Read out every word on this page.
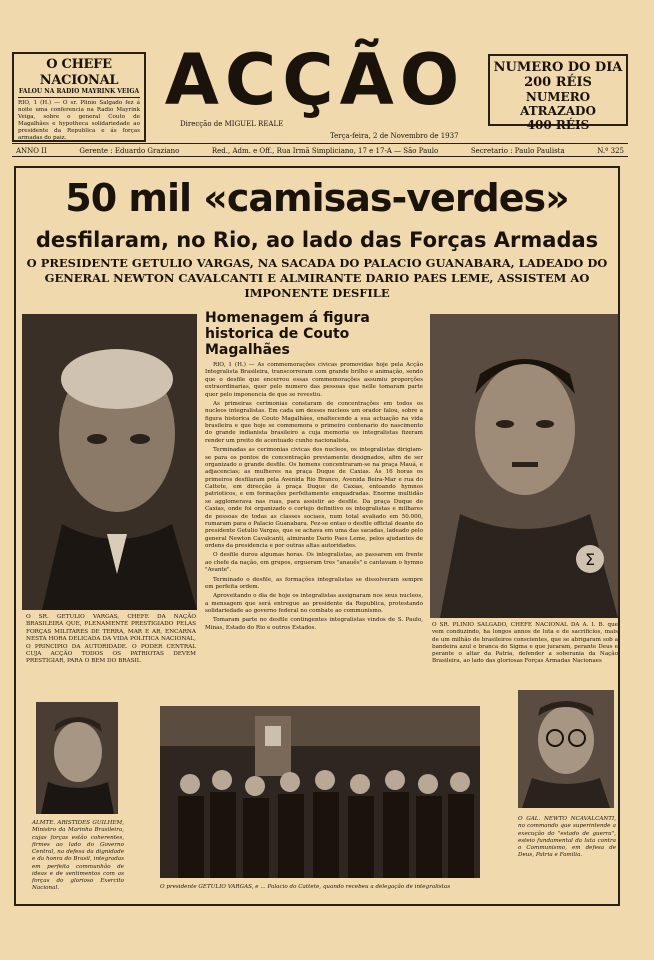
O CHEFE NACIONAL
FALOU NA RADIO MAYRINK VEIGA
RIO, 1 (H.) — O sr. Plinio Salgado fez á noite uma conferencia na Radio Mayrink Veiga, sobre o general Couto de Magalhães e hypotheca solidariedade ao presidente da Republica e ás forças armadas do paiz.
ACÇÃO
Direcção de MIGUEL REALE
Terça-feira, 2 de Novembro de 1937
NUMERO DO DIA
200 RÉIS
NUMERO ATRAZADO
400 RÉIS
ANNO II	Gerente : Eduardo Graziano	Red., Adm. e Off., Rua Irmã Simpliciano, 17 e 17-A — São Paulo	Secretario : Paulo Paulista	N.º 325
50 mil «camisas-verdes»
desfilaram, no Rio, ao lado das Forças Armadas
O PRESIDENTE GETULIO VARGAS, NA SACADA DO PALACIO GUANABARA, LADEADO DO GENERAL NEWTON CAVALCANTI E ALMIRANTE DARIO PAES LEME, ASSISTEM AO IMPONENTE DESFILE
Σ
Homenagem á figura historica de Couto Magalhães

RIO, 1 (H.) — As commemorações civicas promovidas hoje pela Acção Integralista Brasileira, transcorreram com grande brilho e animação, sendo que o desfile que encerrou essas commemorações assumiu proporções extraordinarias, quer pelo numero das pessoas que nelle tomaram parte quer pelo imponencia de que se revestiu.

As primeiras cerimonias constaram de concentrações em todos os nucleos integralistas. Em cada um desses nucleos um orador falou, sobre a figura historica de Couto Magalhães, enaltecendo a sua actuação na vida brasileira e que hoje se commemora o primeiro centenario do nascimento do grande indianista brasileiro a cuja memoria os integralistas fizeram render um preito de acentuado cunho nacionalista.

Terminadas as cerimonias civicas dos nucleos, os integralistas dirigiam-se para os pontos de concentração previamente designados, afim de ser organizado o grande desfile. Os homens concentraram-se na praça Mauá, e adjacencias; as mulheres na praça Duque de Caxias. Ás 16 horas os primeiros desfilaram pela Avenida Rio Branco, Avenida Beira-Mar e rua do Cattete, em direcção á praça Duque de Caxias, entoando hymnos patrioticos, e em formações perfeitamente enquadradas. Enorme multidão se agglomerava nas ruas, para assistir ao desfile. Da praça Duque de Caxias, onde foi organizado o cortejo definitivo os integralistas e milhares de pessoas de todas as classes sociaes, num total avaliado em 50.000, rumaram para o Palacio Guanabara. Fez-se entao o desfile official deante do presidente Getulio Vargas, que se achava em uma das sacadas, ladeado pelo general Newton Cavalcanti, almirante Dario Paes Leme, pelos ajudantes de ordens da presidencia e por outras altas autoridades.

O desfile durou algumas horas. Os integralistas, ao passarem em frente ao chefe da nação, em grupos, ergueram tres "anauês" e cantavam o hymno "Avante".

Terminado o desfile, as formações integralistas se dissolveram sempre em perfeita ordem.

Aproveitando o dia de hoje os integralistas assignaram nos seus nucleos, a mensagem que será entregue ao presidente da Republica, protestando solidariedade ao governo federal no combate ao communismo.

Tomaram parte no desfile contingentes integralistas vindos de S. Paulo, Minas, Estado do Rio e outros Estados.

O SR. GETULIO VARGAS, CHEFE DA NAÇÃO BRASILEIRA QUE, PLENAMENTE PRESTIGIADO PELAS FORÇAS MILITARES DE TERRA, MAR E AR, ENCARNA NESTA HORA DELICADA DA VIDA POLITICA NACIONAL, O PRINCIPIO DA AUTORIDADE. O PODER CENTRAL CUJA ACÇÃO TODOS OS PATRIOTAS DEVEM PRESTIGIAR, PARA O BEM DO BRASIL
O SR. PLINIO SALGADO, CHEFE NACIONAL DA A. I. B. que vem conduzindo, ha longos annos de luta e de sacrificios, mais de um milhão de brasileiros conscientes, que se abrigaram sob a bandeira azul e branca do Sigma e que juraram, perante Deus e perante o altar da Patria, defender a soberania da Nação Brasileira, ao lado das gloriosas Forças Armadas Nacionaes
ALMTE. ARISTIDES GUILHEM, Ministro da Marinha Brasileira, cujas forças estão coherentes, firmes ao lado do Governo Central, na defesa da dignidade e da honra do Brasil, integradas em perfeita communhão de ideas e de sentimentos com as forças do glorioso Exercito Nacional.	O presidente GETULIO VARGAS, e ... Palacio do Cattete, quando recebeu a delegação de integralistas
O GAL. NEWTO NCAVALCANTI, no commando que superintende a execução do "estado de guerra", esteio fundamental da luta contra o Communismo, em defesa de Deus, Patria e Familia.
